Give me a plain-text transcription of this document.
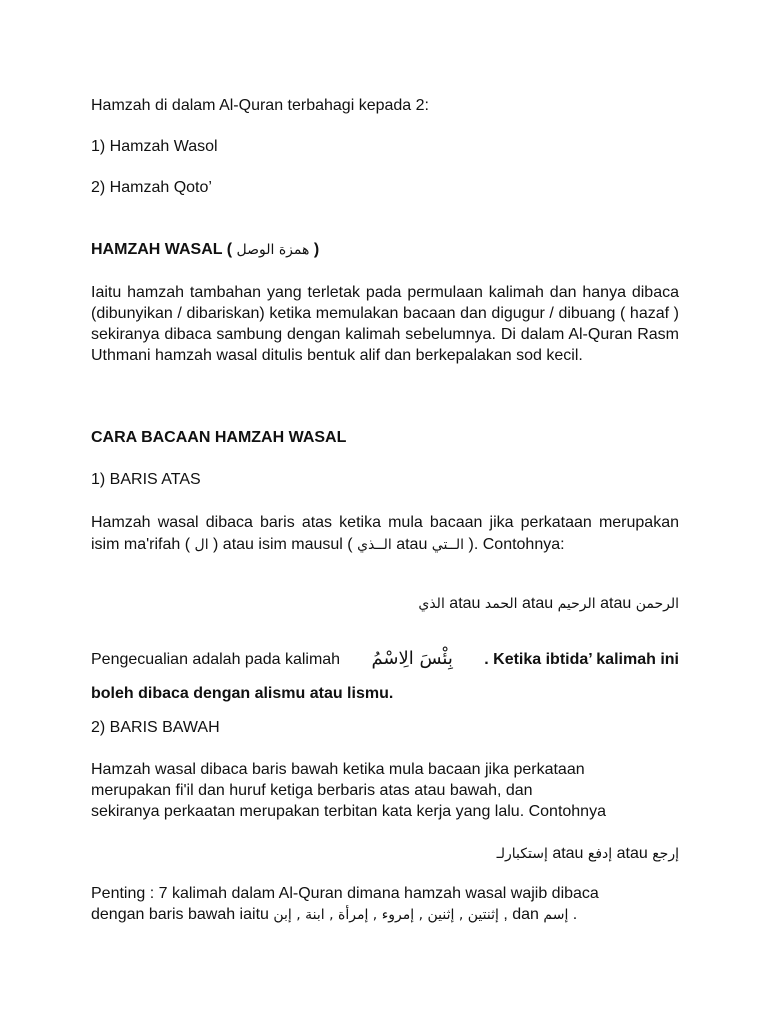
Hamzah di dalam Al-Quran terbahagi kepada 2:
1) Hamzah Wasol
2) Hamzah Qoto’
HAMZAH WASAL ( همزة الوصل )
Iaitu hamzah tambahan yang terletak pada permulaan kalimah dan hanya dibaca (dibunyikan / dibariskan) ketika memulakan bacaan dan digugur / dibuang ( hazaf ) sekiranya dibaca sambung dengan kalimah sebelumnya. Di dalam Al-Quran Rasm Uthmani hamzah wasal ditulis bentuk alif dan berkepalakan sod kecil.
CARA BACAAN HAMZAH WASAL
1) BARIS ATAS
Hamzah wasal dibaca baris atas ketika mula bacaan jika perkataan merupakan isim ma'rifah ( ال ) atau isim mausul ( الــذي atau الــتي ). Contohnya:
الرحمن atau الرحيم atau الحمد atau الذي
Pengecualian adalah pada kalimah بِئْسَ الِاسْمُ . Ketika ibtida’ kalimah ini
boleh dibaca dengan alismu atau lismu.
2) BARIS BAWAH
Hamzah wasal dibaca baris bawah ketika mula bacaan jika perkataan
merupakan fi'il dan huruf ketiga berbaris atas atau bawah, dan
sekiranya perkaatan merupakan terbitan kata kerja yang lalu. Contohnya
إرجع atau إدفع atau إستكبارلـ
Penting : 7 kalimah dalam Al-Quran dimana hamzah wasal wajib dibaca
dengan baris bawah iaitu إثنتين , إثنين , إمروء , إمرأة , ابنة , إبن , dan إسم .
